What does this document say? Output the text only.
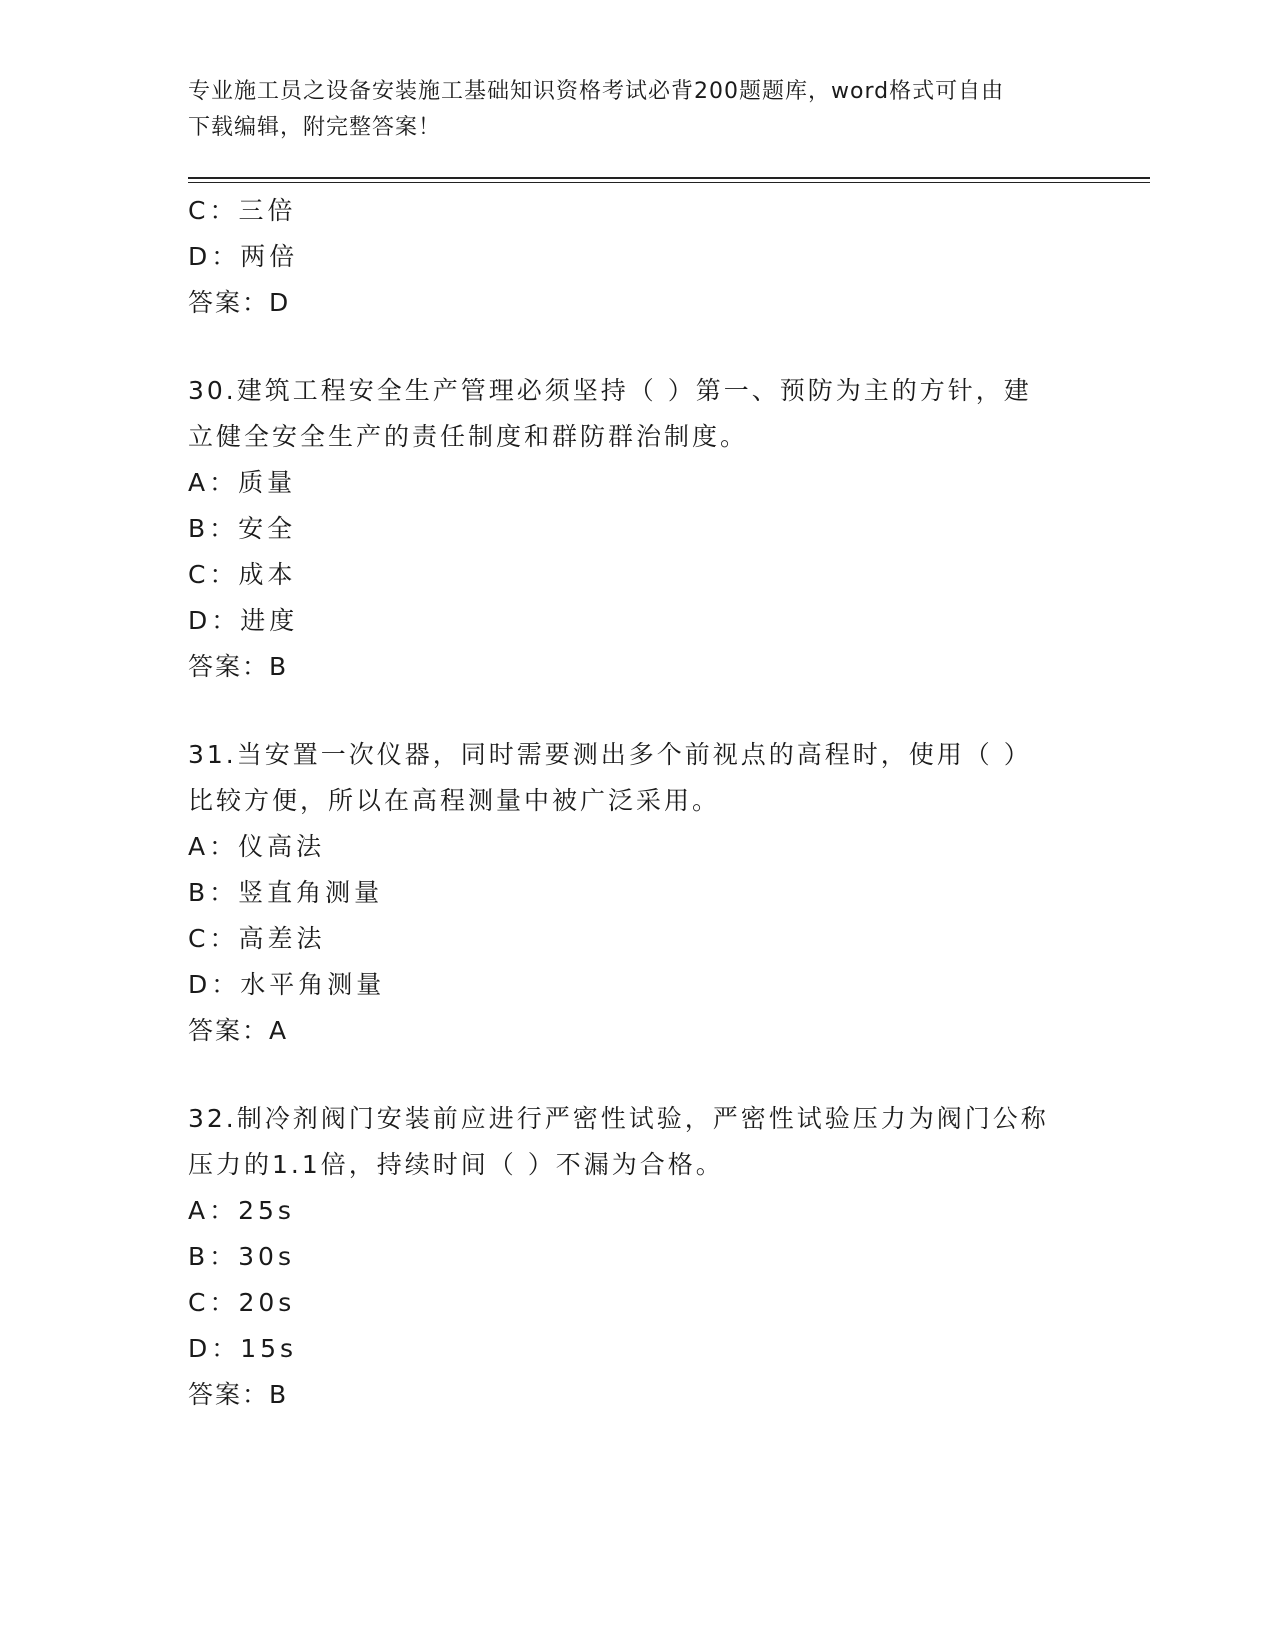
专业施工员之设备安装施工基础知识资格考试必背200题题库，word格式可自由
下载编辑，附完整答案！
C：三倍
D：两倍
答案：D
30.建筑工程安全生产管理必须坚持（ ）第一、预防为主的方针，建
立健全安全生产的责任制度和群防群治制度。
A：质量
B：安全
C：成本
D：进度
答案：B
31.当安置一次仪器，同时需要测出多个前视点的高程时，使用（ ）
比较方便，所以在高程测量中被广泛采用。
A：仪高法
B：竖直角测量
C：高差法
D：水平角测量
答案：A
32.制冷剂阀门安装前应进行严密性试验，严密性试验压力为阀门公称
压力的1.1倍，持续时间（ ）不漏为合格。
A：25s
B：30s
C：20s
D：15s
答案：B
